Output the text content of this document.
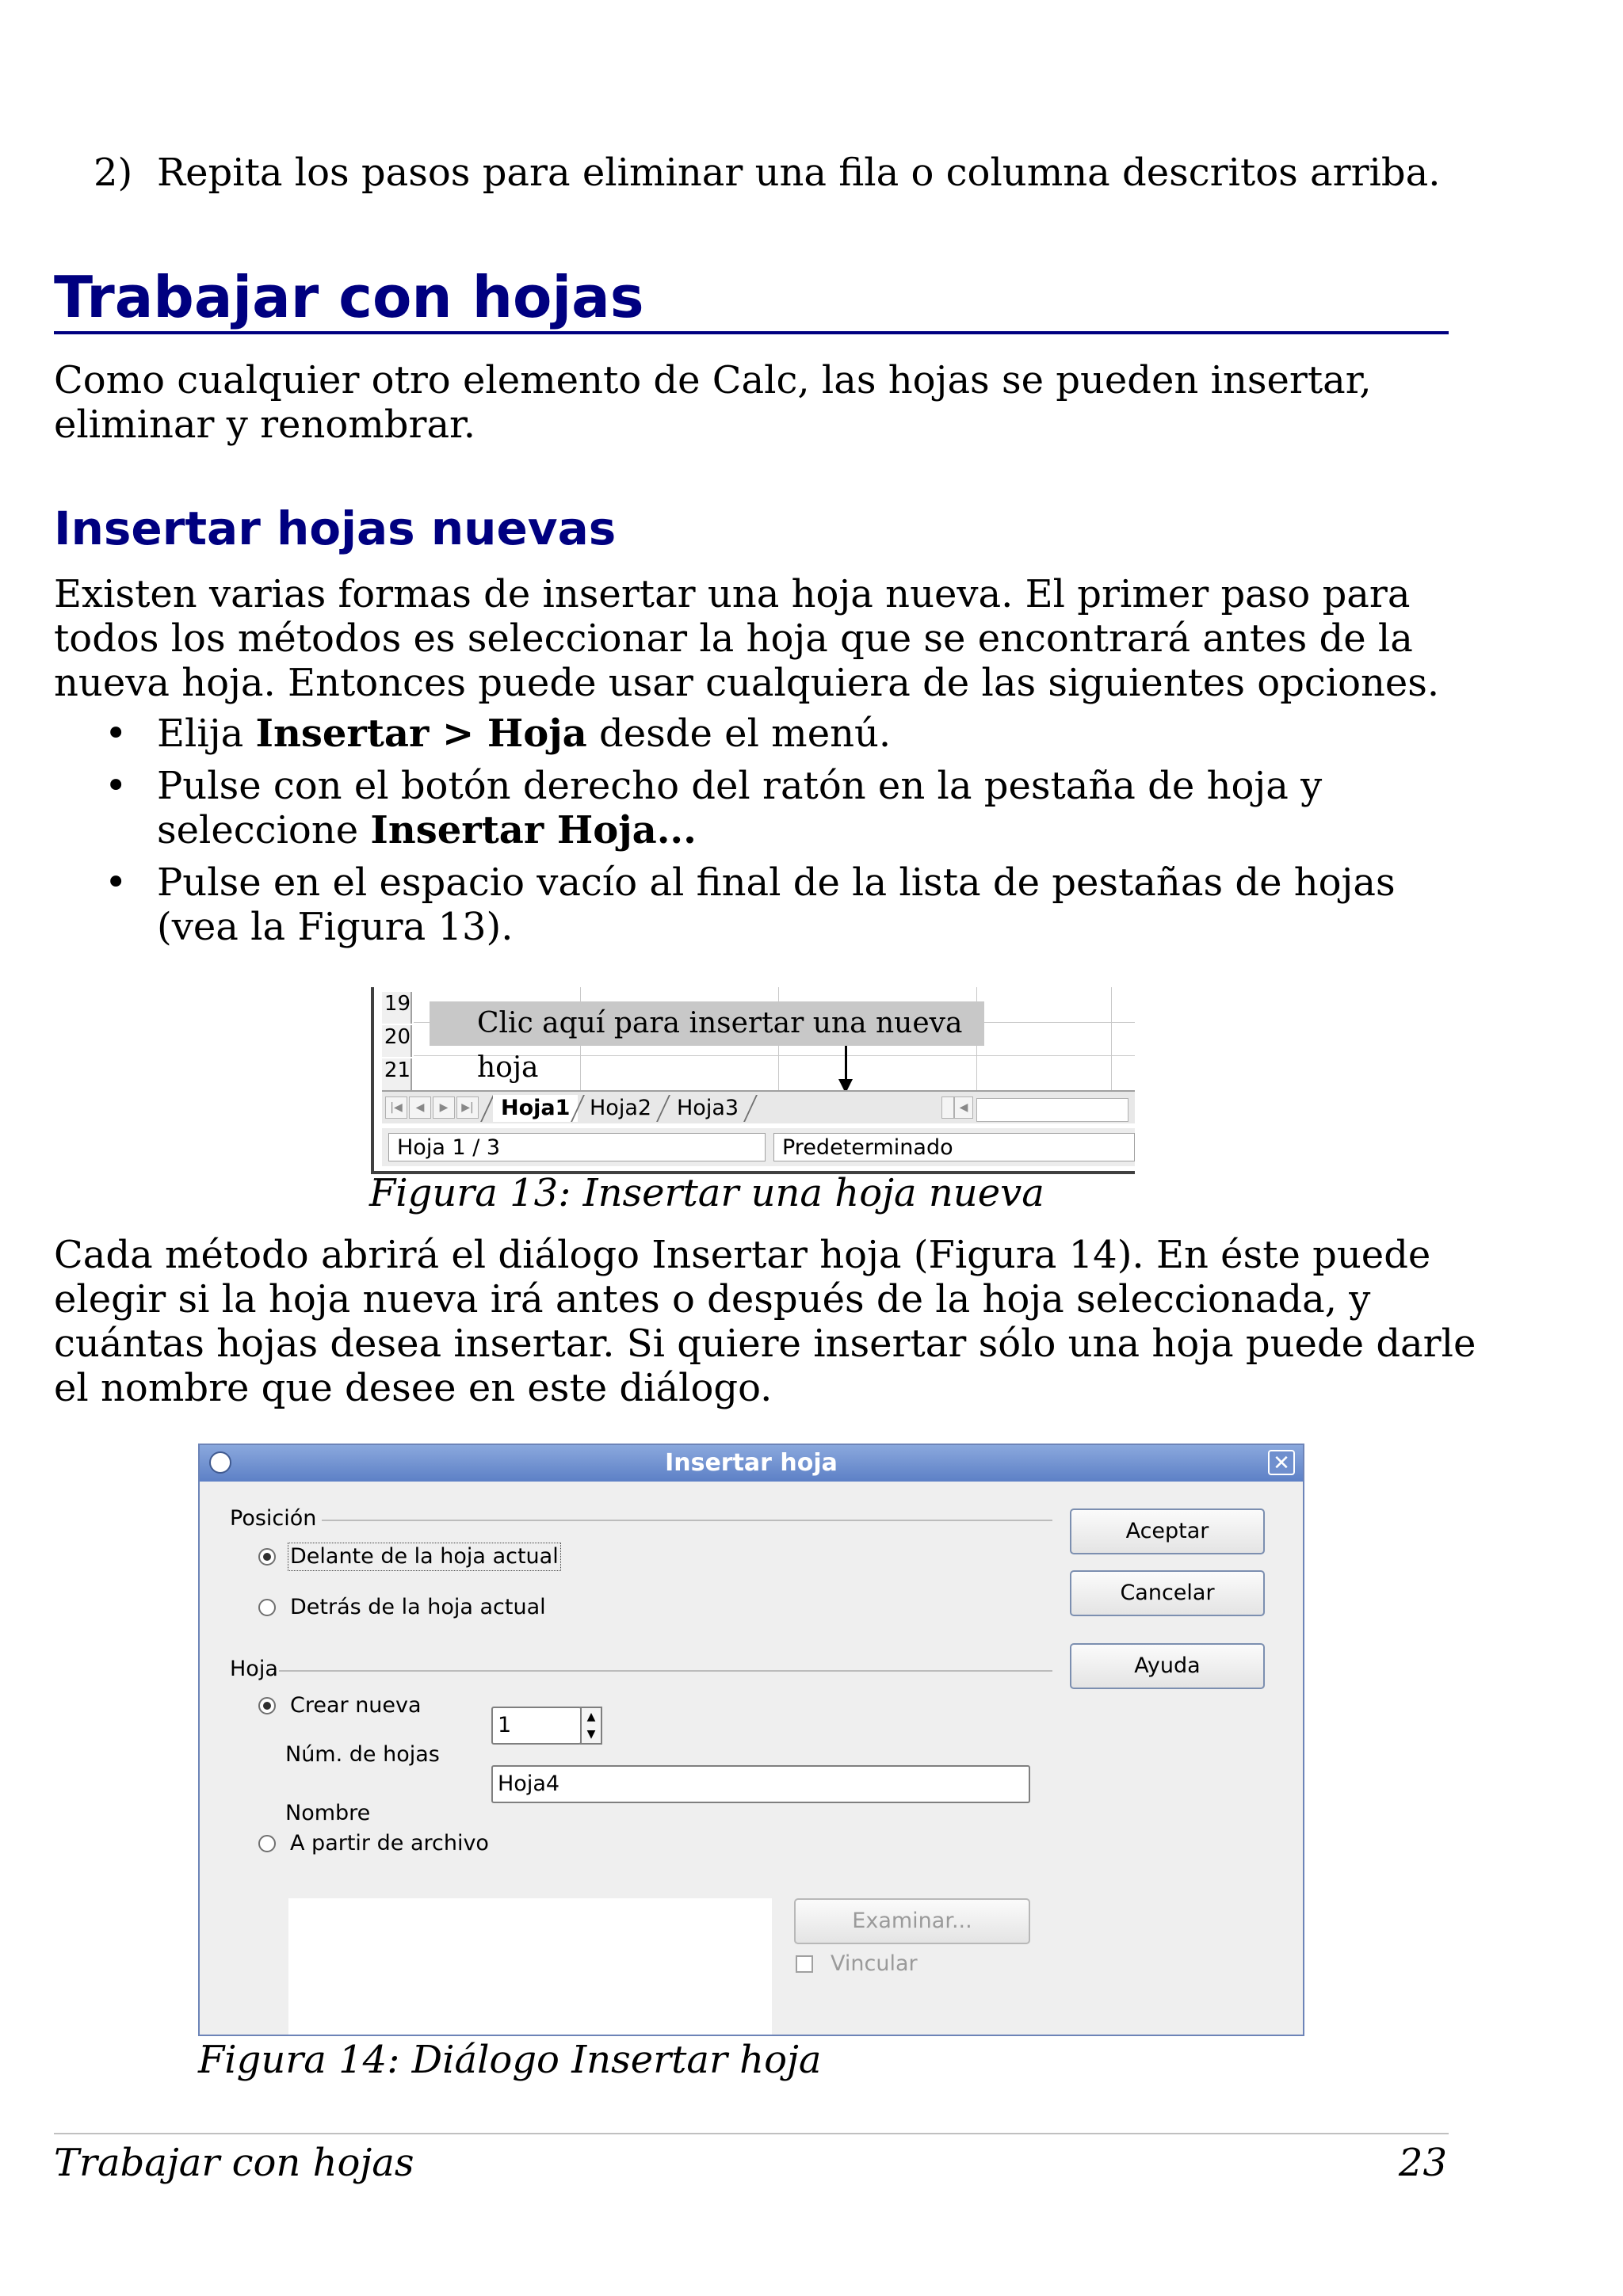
2) Repita los pasos para eliminar una fila o columna descritos arriba.
Trabajar con hojas
Como cualquier otro elemento de Calc, las hojas se pueden insertar, eliminar y renombrar.
Insertar hojas nuevas
Existen varias formas de insertar una hoja nueva. El primer paso para todos los métodos es seleccionar la hoja que se encontrará antes de la nueva hoja. Entonces puede usar cualquiera de las siguientes opciones.
• Elija Insertar > Hoja desde el menú.
• Pulse con el botón derecho del ratón en la pestaña de hoja y seleccione Insertar Hoja...
• Pulse en el espacio vacío al final de la lista de pestañas de hojas (vea la Figura 13).
19
20
21
Clic aquí para insertar una nueva hoja
|◀	◀	▶	▶|	Hoja1 Hoja2	Hoja3	◀
Hoja 1 / 3	Predeterminado
Figura 13: Insertar una hoja nueva
Cada método abrirá el diálogo Insertar hoja (Figura 14). En éste puede elegir si la hoja nueva irá antes o después de la hoja seleccionada, y cuántas hojas desea insertar. Si quiere insertar sólo una hoja puede darle el nombre que desee en este diálogo.
Insertar hoja	✕
Posición
Delante de la hoja actual
Detrás de la hoja actual
Hoja
Crear nueva
Núm. de hojas
1	▲
▼
Nombre
Hoja4
A partir de archivo
Examinar...
Vincular
Aceptar
Cancelar
Ayuda
Figura 14: Diálogo Insertar hoja
Trabajar con hojas	23
